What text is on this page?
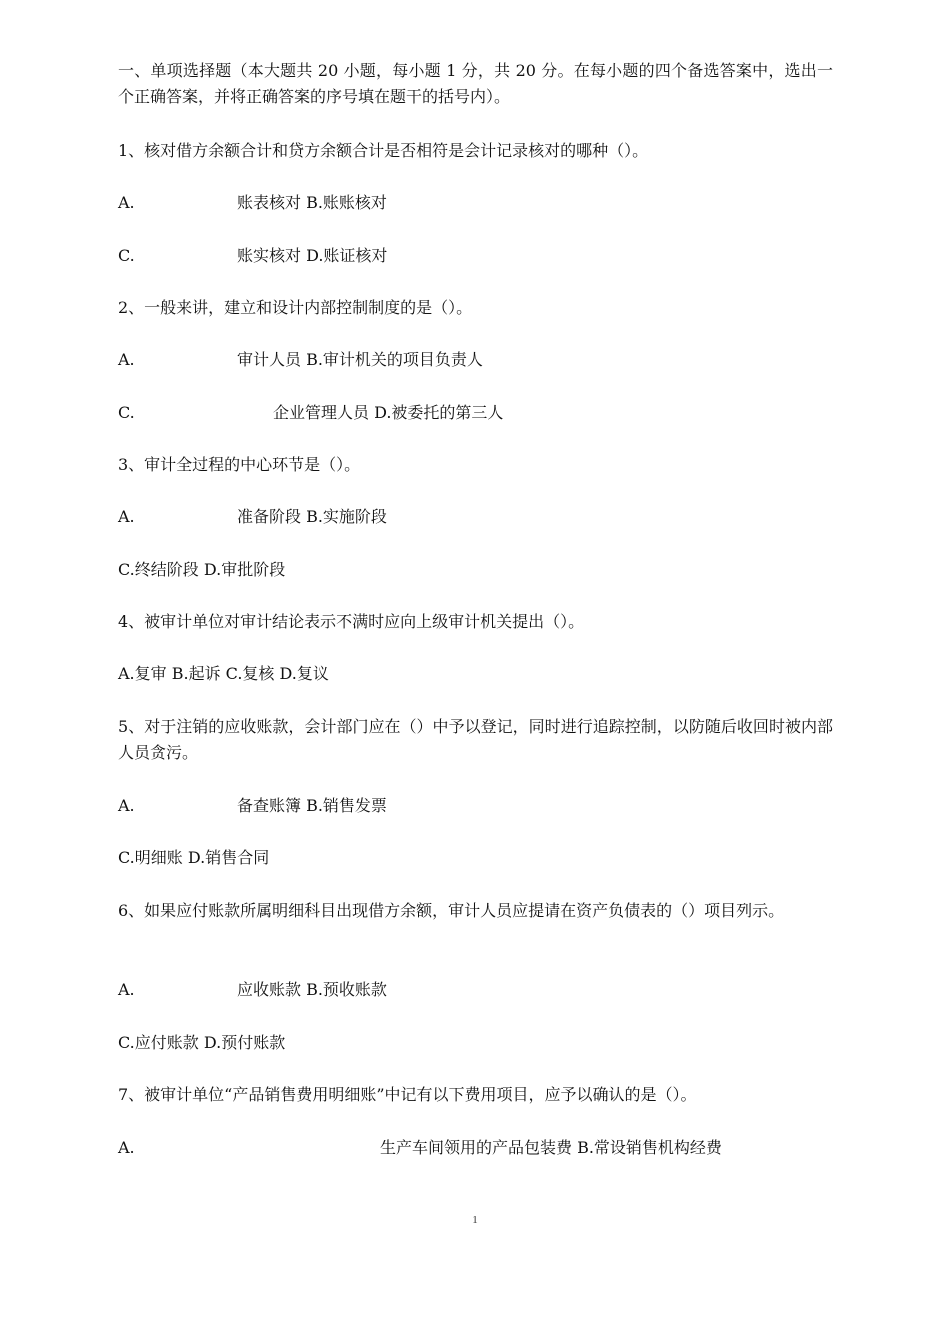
一、单项选择题（本大题共 20 小题，每小题 1 分，共 20 分。在每小题的四个备选答案中，选出一个正确答案，并将正确答案的序号填在题干的括号内）。

1、核对借方余额合计和贷方余额合计是否相符是会计记录核对的哪种（）。

A.	账表核对 B.账账核对
C.	账实核对 D.账证核对

2、一般来讲，建立和设计内部控制制度的是（）。

A.	审计人员 B.审计机关的项目负责人
C.	企业管理人员 D.被委托的第三人

3、审计全过程的中心环节是（）。

A.	准备阶段 B.实施阶段

C.终结阶段 D.审批阶段

4、被审计单位对审计结论表示不满时应向上级审计机关提出（）。

A.复审 B.起诉 C.复核 D.复议

5、对于注销的应收账款，会计部门应在（）中予以登记，同时进行追踪控制，以防随后收回时被内部人员贪污。

A.	备查账簿 B.销售发票

C.明细账 D.销售合同

6、如果应付账款所属明细科目出现借方余额，审计人员应提请在资产负债表的（）项目列示。

A.	应收账款 B.预收账款

C.应付账款 D.预付账款

7、被审计单位“产品销售费用明细账”中记有以下费用项目，应予以确认的是（）。

A.	生产车间领用的产品包装费 B.常设销售机构经费
1
